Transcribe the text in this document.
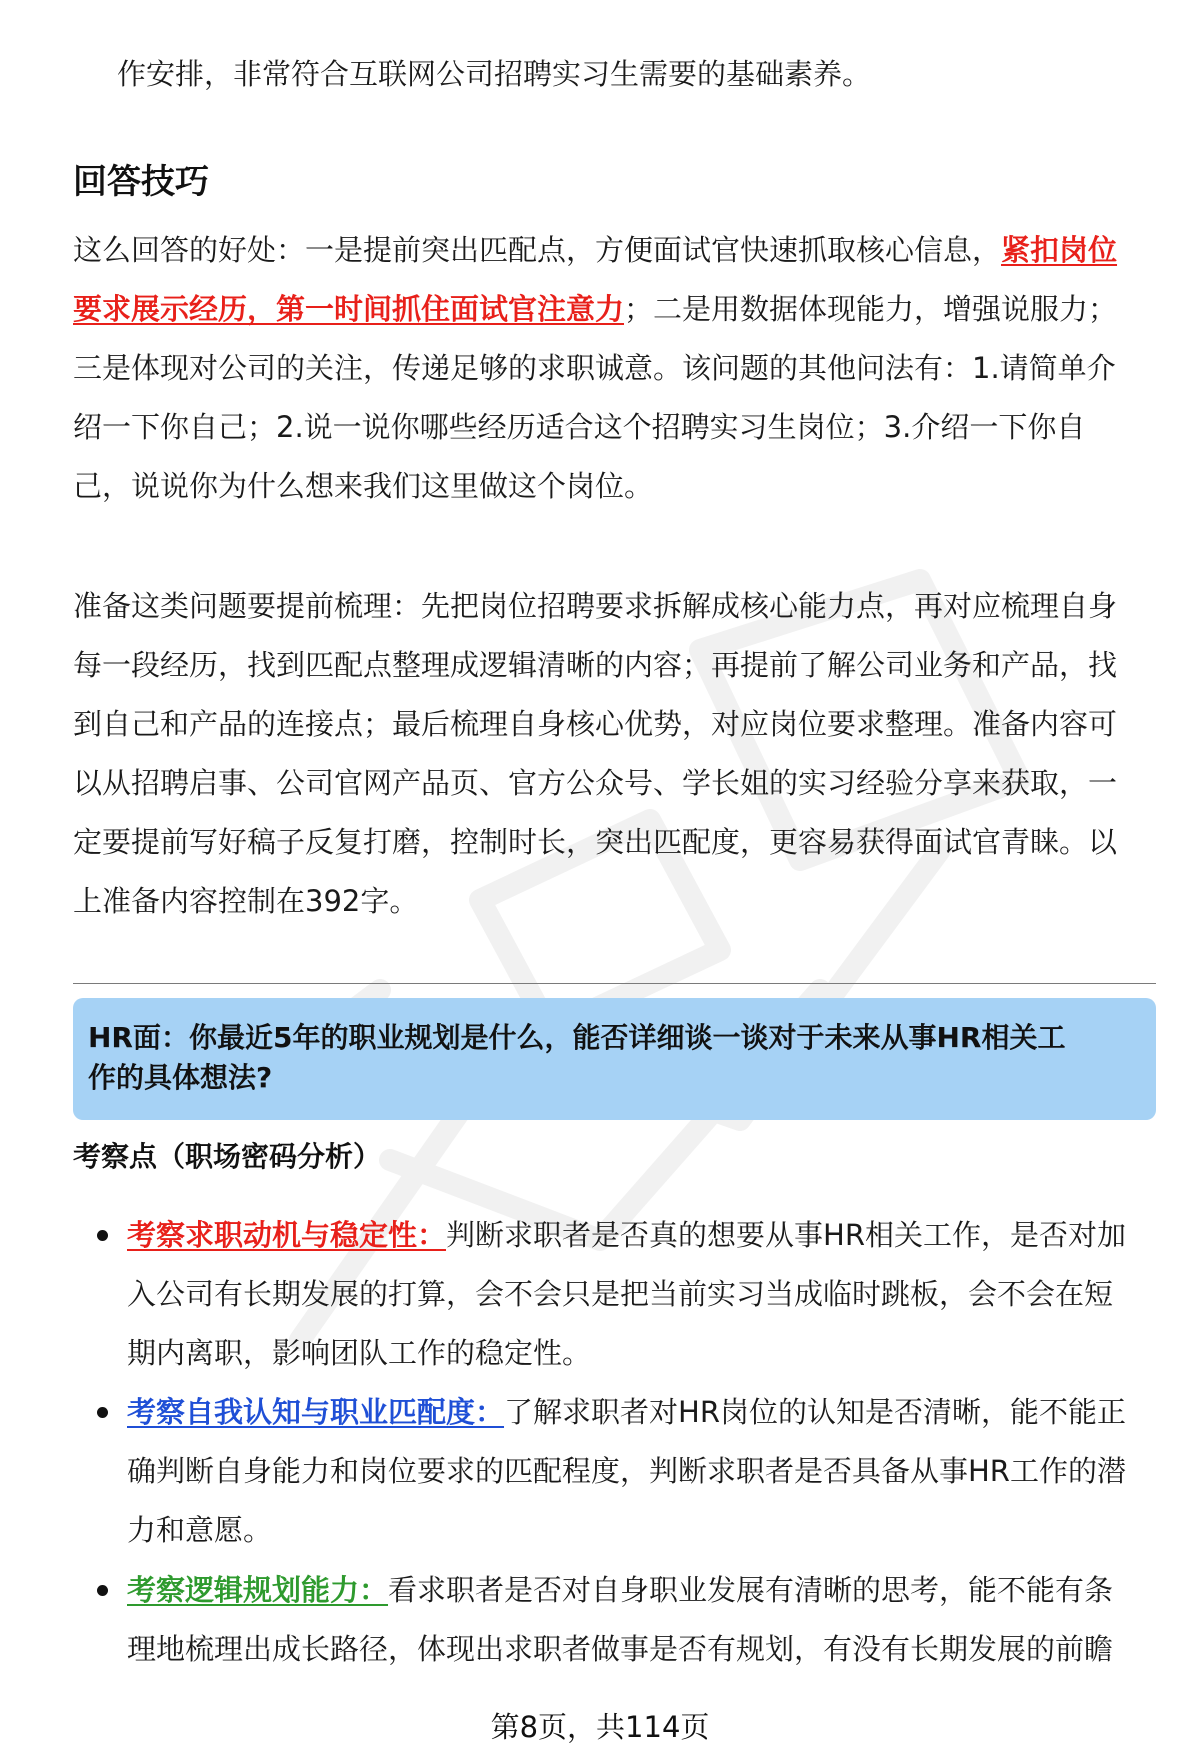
作安排，非常符合互联网公司招聘实习生需要的基础素养。
回答技巧
这么回答的好处：一是提前突出匹配点，方便面试官快速抓取核心信息，紧扣岗位
要求展示经历，第一时间抓住面试官注意力；二是用数据体现能力，增强说服力；
三是体现对公司的关注，传递足够的求职诚意。该问题的其他问法有：1.请简单介
绍一下你自己；2.说一说你哪些经历适合这个招聘实习生岗位；3.介绍一下你自
己，说说你为什么想来我们这里做这个岗位。
准备这类问题要提前梳理：先把岗位招聘要求拆解成核心能力点，再对应梳理自身
每一段经历，找到匹配点整理成逻辑清晰的内容；再提前了解公司业务和产品，找
到自己和产品的连接点；最后梳理自身核心优势，对应岗位要求整理。准备内容可
以从招聘启事、公司官网产品页、官方公众号、学长姐的实习经验分享来获取，一
定要提前写好稿子反复打磨，控制时长，突出匹配度，更容易获得面试官青睐。以
上准备内容控制在392字。
HR面：你最近5年的职业规划是什么，能否详细谈一谈对于未来从事HR相关工
作的具体想法?
考察点（职场密码分析）
考察求职动机与稳定性：判断求职者是否真的想要从事HR相关工作，是否对加
入公司有长期发展的打算，会不会只是把当前实习当成临时跳板，会不会在短
期内离职，影响团队工作的稳定性。
考察自我认知与职业匹配度：了解求职者对HR岗位的认知是否清晰，能不能正
确判断自身能力和岗位要求的匹配程度，判断求职者是否具备从事HR工作的潜
力和意愿。
考察逻辑规划能力：看求职者是否对自身职业发展有清晰的思考，能不能有条
理地梳理出成长路径，体现出求职者做事是否有规划，有没有长期发展的前瞻
第8页，共114页
